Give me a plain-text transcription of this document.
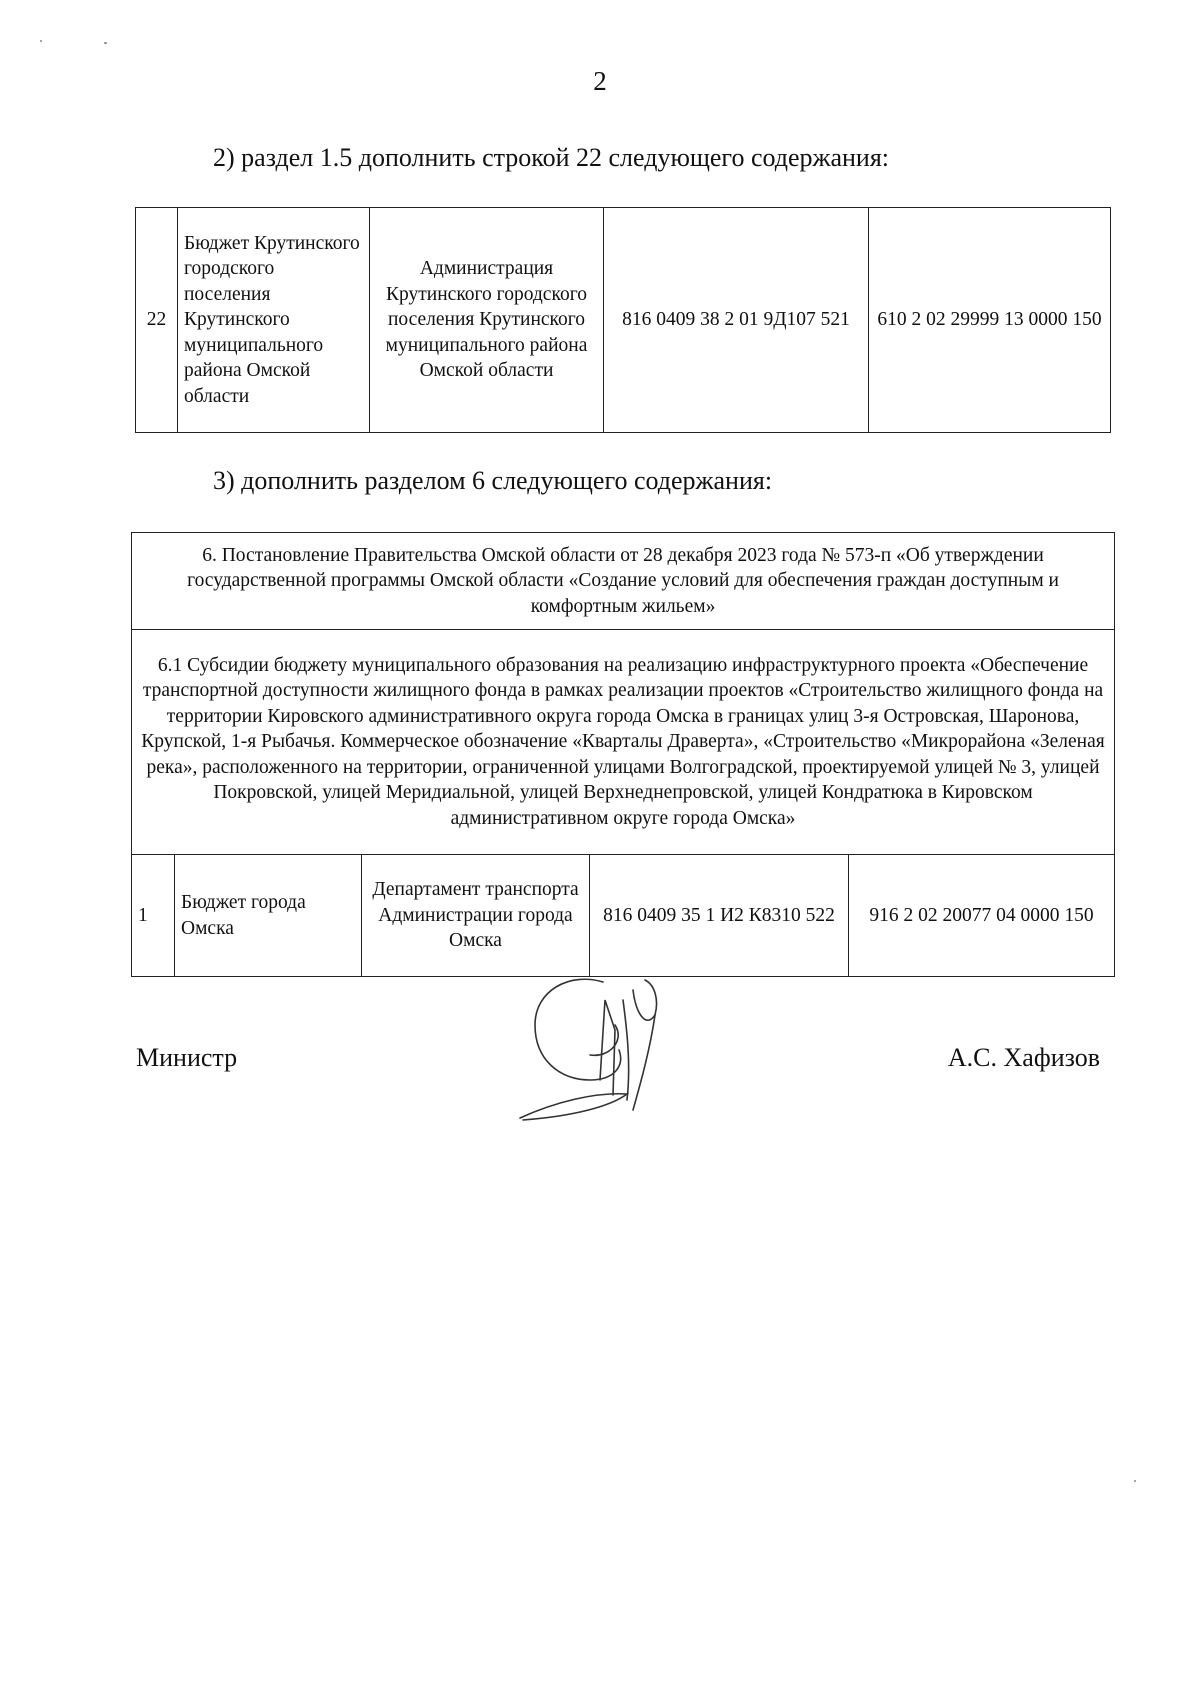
2
2) раздел 1.5 дополнить строкой 22 следующего содержания:
22	Бюджет Крутинского городского поселения Крутинского муниципального района Омской области	Администрация Крутинского городского поселения Крутинского муниципального района Омской области	816 0409 38 2 01 9Д107 521	610 2 02 29999 13 0000 150
3) дополнить разделом 6 следующего содержания:
6. Постановление Правительства Омской области от 28 декабря 2023 года № 573-п «Об утверждении государственной программы Омской области «Создание условий для обеспечения граждан доступным и комфортным жильем»
6.1 Субсидии бюджету муниципального образования на реализацию инфраструктурного проекта «Обеспечение транспортной доступности жилищного фонда в рамках реализации проектов «Строительство жилищного фонда на территории Кировского административного округа города Омска в границах улиц 3-я Островская, Шаронова, Крупской, 1-я Рыбачья. Коммерческое обозначение «Кварталы Драверта», «Строительство «Микрорайона «Зеленая река», расположенного на территории, ограниченной улицами Волгоградской, проектируемой улицей № 3, улицей Покровской, улицей Меридиальной, улицей Верхнеднепровской, улицей Кондратюка в Кировском административном округе города Омска»
1	Бюджет города Омска	Департамент транспорта Администрации города Омска	816 0409 35 1 И2 К8310 522	916 2 02 20077 04 0000 150
Министр	А.С. Хафизов
